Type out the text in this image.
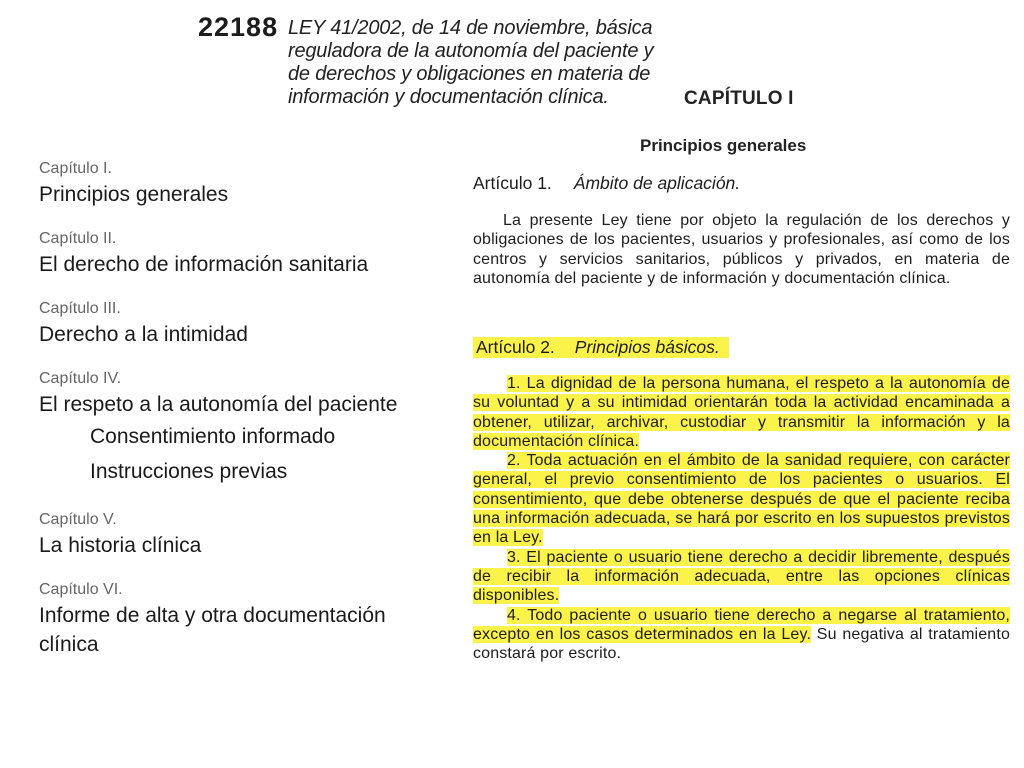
22188 LEY 41/2002, de 14 de noviembre, básica reguladora de la autonomía del paciente y de derechos y obligaciones en materia de información y documentación clínica.	CAPÍTULO I
Principios generales
Artículo 1. Ámbito de aplicación.

La presente Ley tiene por objeto la regulación de los derechos y obligaciones de los pacientes, usuarios y profesionales, así como de los centros y servicios sanitarios, públicos y privados, en materia de autonomía del paciente y de información y documentación clínica.

Artículo 2. Principios básicos.
1. La dignidad de la persona humana, el respeto a la autonomía de su voluntad y a su intimidad orientarán toda la actividad encaminada a obtener, utilizar, archivar, custodiar y transmitir la información y la documentación clínica.
2. Toda actuación en el ámbito de la sanidad requiere, con carácter general, el previo consentimiento de los pacientes o usuarios. El consentimiento, que debe obtenerse después de que el paciente reciba una información adecuada, se hará por escrito en los supuestos previstos en la Ley.
3. El paciente o usuario tiene derecho a decidir libremente, después de recibir la información adecuada, entre las opciones clínicas disponibles.
4. Todo paciente o usuario tiene derecho a negarse al tratamiento, excepto en los casos determinados en la Ley. Su negativa al tratamiento constará por escrito.
Capítulo I.
Principios generales
Capítulo II.
El derecho de información sanitaria
Capítulo III.
Derecho a la intimidad
Capítulo IV.
El respeto a la autonomía del paciente
Consentimiento informado
Instrucciones previas
Capítulo V.
La historia clínica
Capítulo VI.
Informe de alta y otra documentación clínica
